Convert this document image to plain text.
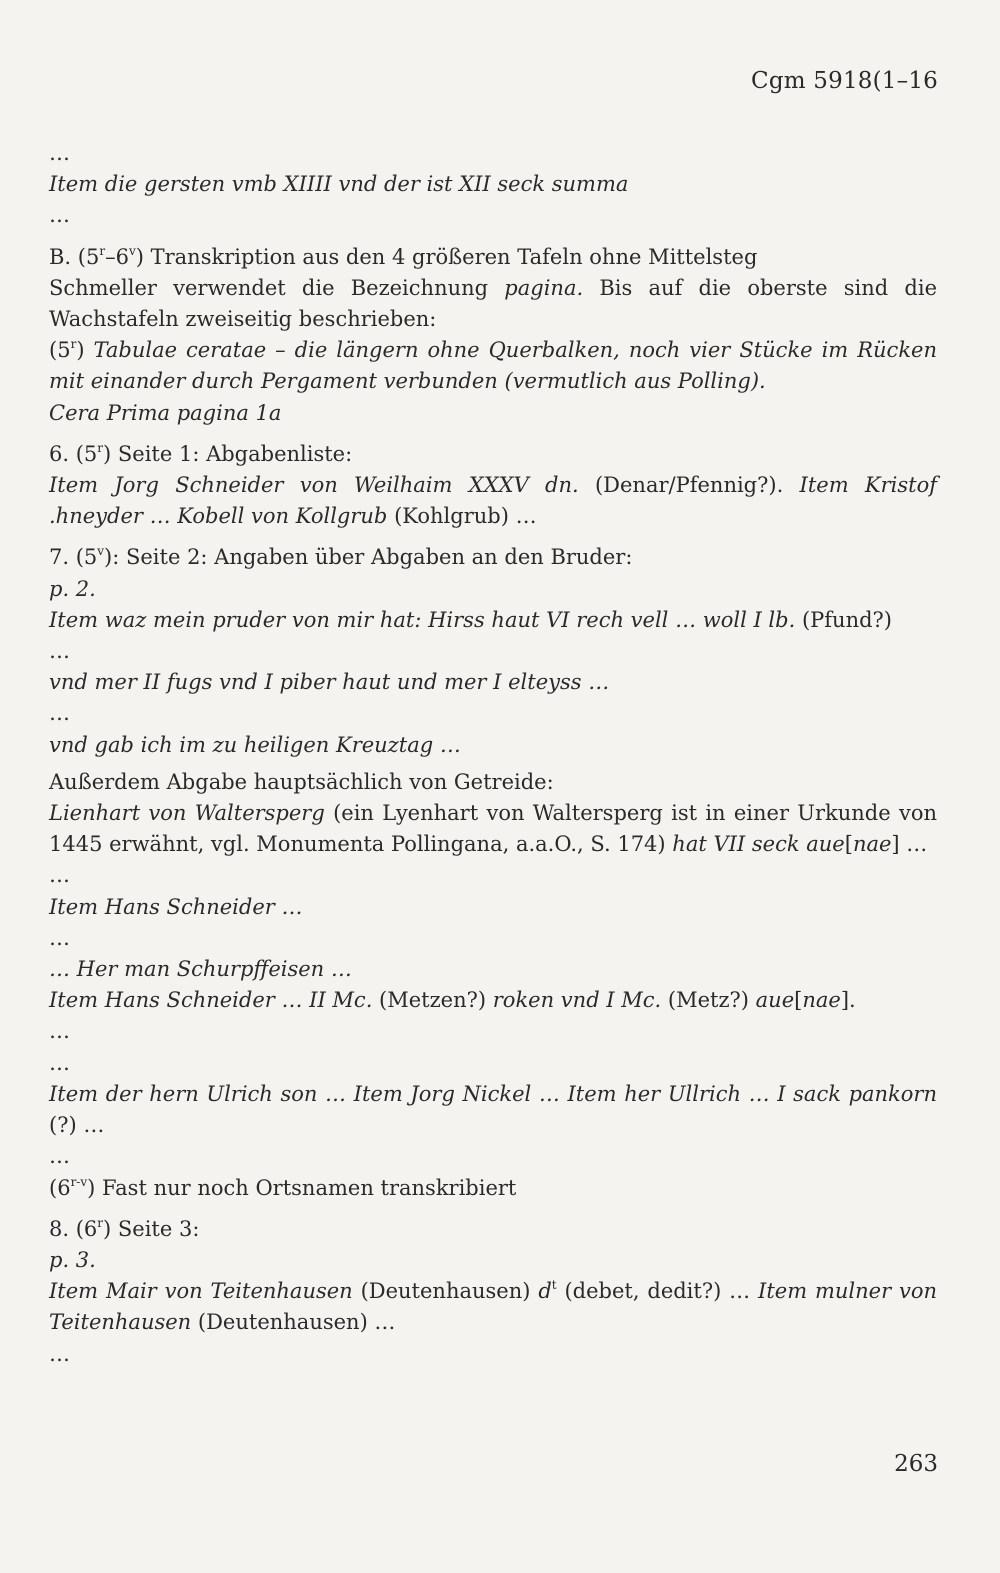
Cgm 5918(1–16

…

Item die gersten vmb XIIII vnd der ist XII seck summa

…

B. (5$^r$–6$^v$) Transkription aus den 4 größeren Tafeln ohne Mittelsteg

Schmeller verwendet die Bezeichnung pagina. Bis auf die oberste sind die Wachstafeln zweiseitig beschrieben:

(5$^r$) Tabulae ceratae – die längern ohne Querbalken, noch vier Stücke im Rücken mit einander durch Pergament verbunden (vermutlich aus Polling).

Cera Prima pagina 1a

6. (5$^r$) Seite 1: Abgabenliste:

Item Jorg Schneider von Weilhaim XXXV dn. (Denar/Pfennig?). Item Kristof .hneyder … Kobell von Kollgrub (Kohlgrub) …

7. (5$^v$): Seite 2: Angaben über Abgaben an den Bruder:

p. 2.

Item waz mein pruder von mir hat: Hirss haut VI rech vell … woll I lb. (Pfund?)

…

vnd mer II fugs vnd I piber haut und mer I elteyss …

…

vnd gab ich im zu heiligen Kreuztag …

Außerdem Abgabe hauptsächlich von Getreide:

Lienhart von Waltersperg (ein Lyenhart von Waltersperg ist in einer Urkunde von 1445 erwähnt, vgl. Monumenta Pollingana, a.a.O., S. 174) hat VII seck aue[nae] …

…

Item Hans Schneider …

…

… Her man Schurpffeisen …

Item Hans Schneider … II Mc. (Metzen?) roken vnd I Mc. (Metz?) aue[nae].

…

…

Item der hern Ulrich son … Item Jorg Nickel … Item her Ullrich … I sack pankorn (?) …

…

(6$^{r-v}$) Fast nur noch Ortsnamen transkribiert

8. (6$^r$) Seite 3:

p. 3.

Item Mair von Teitenhausen (Deutenhausen) $d^t$ (debet, dedit?) … Item mulner von Teitenhausen (Deutenhausen) …

…

263
